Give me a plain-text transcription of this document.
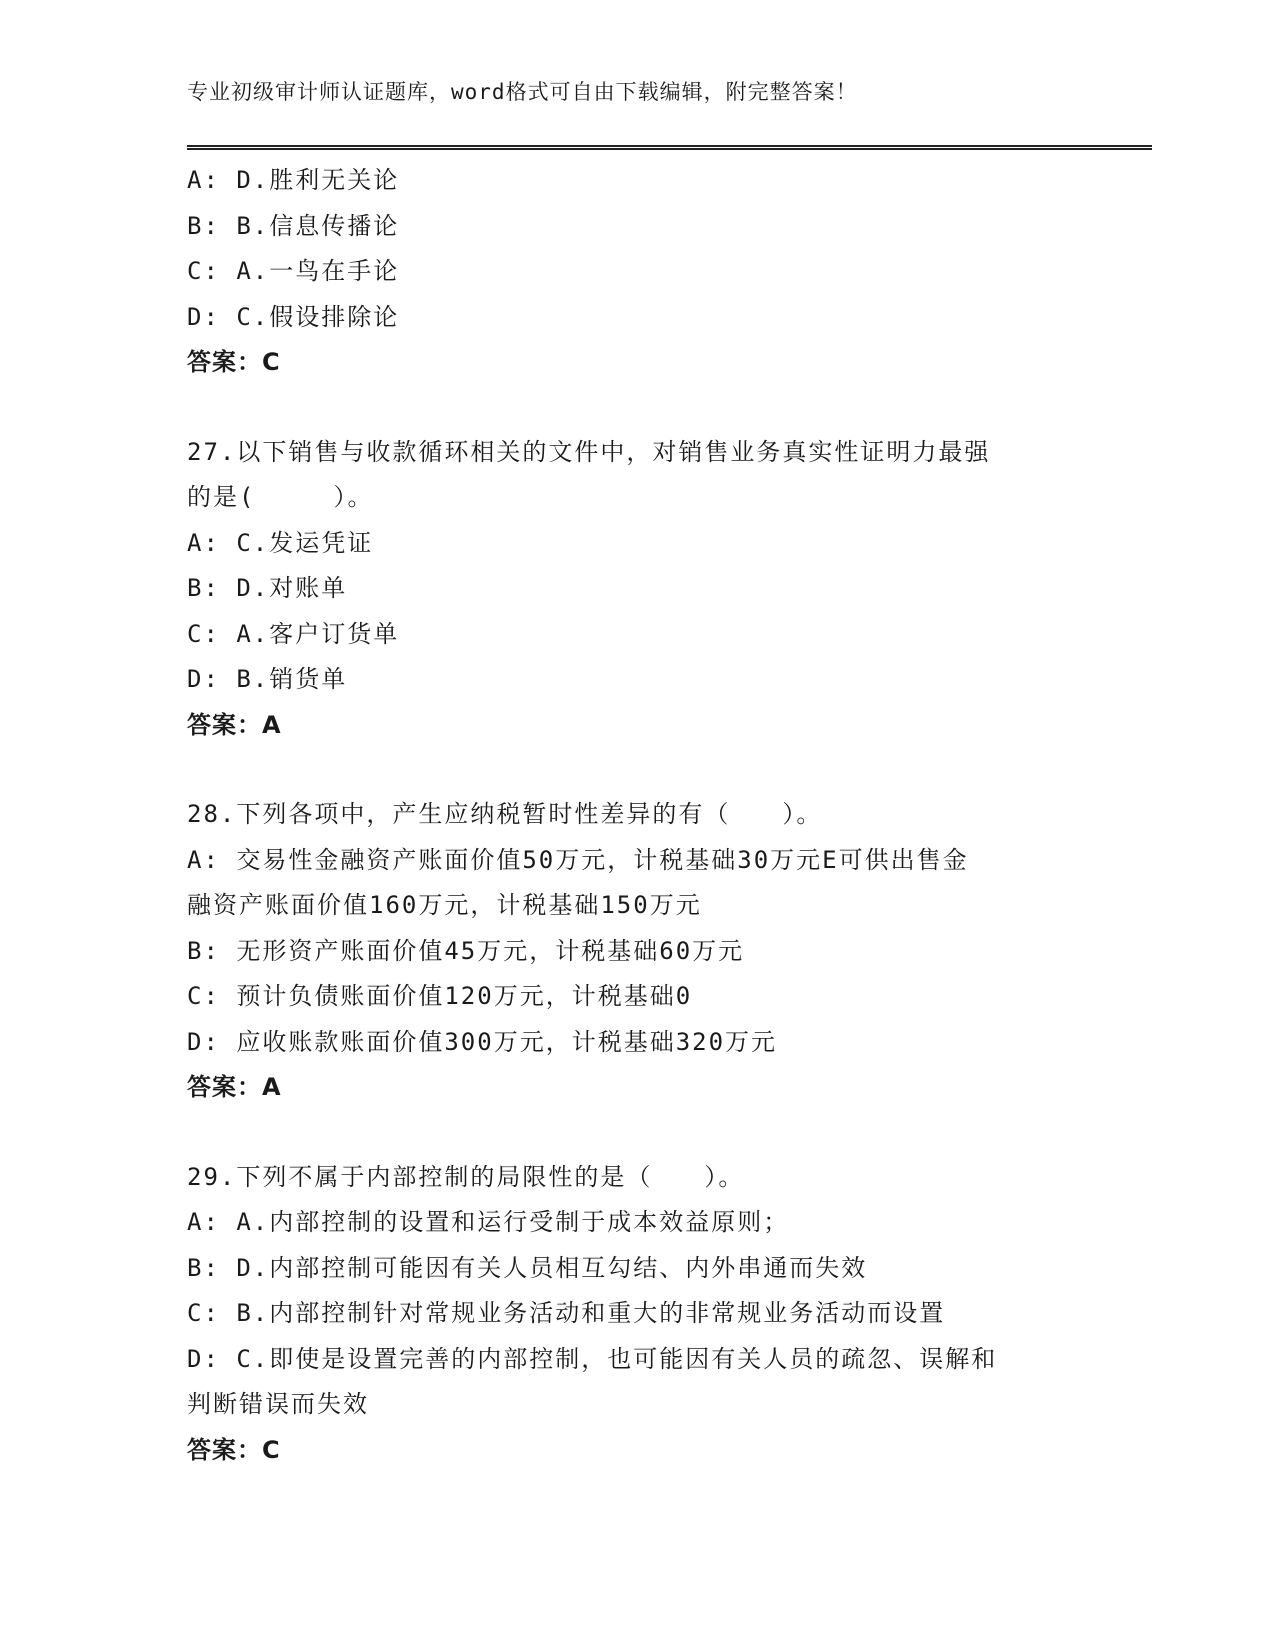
专业初级审计师认证题库，word格式可自由下载编辑，附完整答案！
A: D.胜利无关论
B: B.信息传播论
C: A.一鸟在手论
D: C.假设排除论
答案：C
27.以下销售与收款循环相关的文件中，对销售业务真实性证明力最强
的是(　　　）。
A: C.发运凭证
B: D.对账单
C: A.客户订货单
D: B.销货单
答案：A
28.下列各项中，产生应纳税暂时性差异的有（　　）。
A: 交易性金融资产账面价值50万元，计税基础30万元E可供出售金
融资产账面价值160万元，计税基础150万元
B: 无形资产账面价值45万元，计税基础60万元
C: 预计负债账面价值120万元，计税基础0
D: 应收账款账面价值300万元，计税基础320万元
答案：A
29.下列不属于内部控制的局限性的是（　　）。
A: A.内部控制的设置和运行受制于成本效益原则；
B: D.内部控制可能因有关人员相互勾结、内外串通而失效
C: B.内部控制针对常规业务活动和重大的非常规业务活动而设置
D: C.即使是设置完善的内部控制，也可能因有关人员的疏忽、误解和
判断错误而失效
答案：C
